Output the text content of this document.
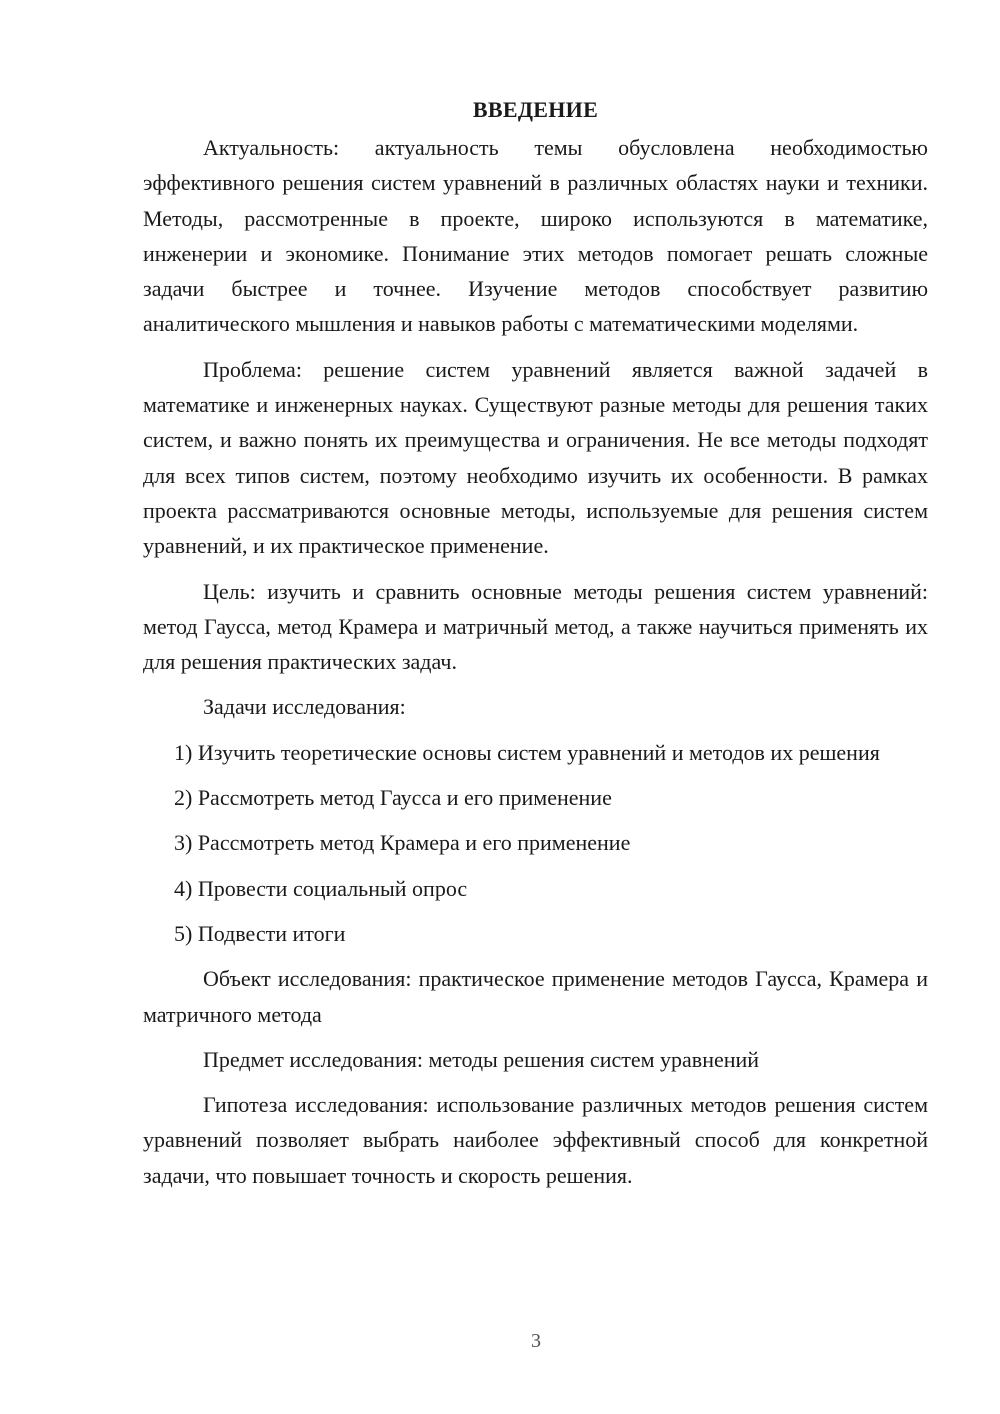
ВВЕДЕНИЕ

Актуальность: актуальность темы обусловлена необходимостью эффективного решения систем уравнений в различных областях науки и техники. Методы, рассмотренные в проекте, широко используются в математике, инженерии и экономике. Понимание этих методов помогает решать сложные задачи быстрее и точнее. Изучение методов способствует развитию аналитического мышления и навыков работы с математическими моделями.

Проблема: решение систем уравнений является важной задачей в математике и инженерных науках. Существуют разные методы для решения таких систем, и важно понять их преимущества и ограничения. Не все методы подходят для всех типов систем, поэтому необходимо изучить их особенности. В рамках проекта рассматриваются основные методы, используемые для решения систем уравнений, и их практическое применение.

Цель: изучить и сравнить основные методы решения систем уравнений: метод Гаусса, метод Крамера и матричный метод, а также научиться применять их для решения практических задач.

Задачи исследования:

1) Изучить теоретические основы систем уравнений и методов их решения

2) Рассмотреть метод Гаусса и его применение

3) Рассмотреть метод Крамера и его применение

4) Провести социальный опрос

5) Подвести итоги

Объект исследования: практическое применение методов Гаусса, Крамера и матричного метода

Предмет исследования: методы решения систем уравнений

Гипотеза исследования: использование различных методов решения систем уравнений позволяет выбрать наиболее эффективный способ для конкретной задачи, что повышает точность и скорость решения.

3
